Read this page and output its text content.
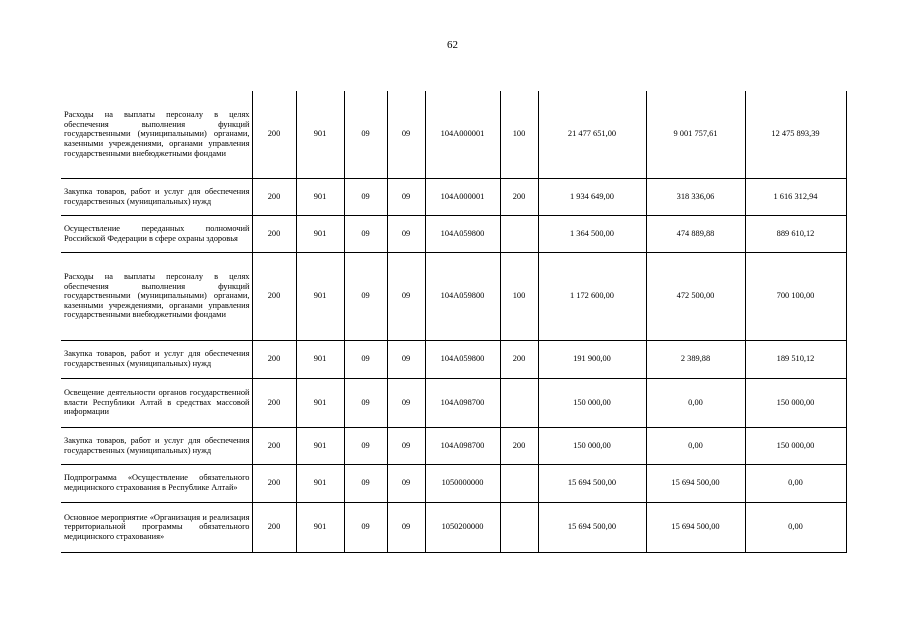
62
Расходы на выплаты персоналу в целях обеспечения выполнения функций государственными (муниципальными) органами, казенными учреждениями, органами управления государственными внебюджетными фондами	200	901	09	09	104A000001	100	21 477 651,00	9 001 757,61	12 475 893,39
Закупка товаров, работ и услуг для обеспечения государственных (муниципальных) нужд	200	901	09	09	104A000001	200	1 934 649,00	318 336,06	1 616 312,94
Осуществление переданных полномочий Российской Федерации в сфере охраны здоровья	200	901	09	09	104A059800		1 364 500,00	474 889,88	889 610,12
Расходы на выплаты персоналу в целях обеспечения выполнения функций государственными (муниципальными) органами, казенными учреждениями, органами управления государственными внебюджетными фондами	200	901	09	09	104A059800	100	1 172 600,00	472 500,00	700 100,00
Закупка товаров, работ и услуг для обеспечения государственных (муниципальных) нужд	200	901	09	09	104A059800	200	191 900,00	2 389,88	189 510,12
Освещение деятельности органов государственной власти Республики Алтай в средствах массовой информации	200	901	09	09	104A098700		150 000,00	0,00	150 000,00
Закупка товаров, работ и услуг для обеспечения государственных (муниципальных) нужд	200	901	09	09	104A098700	200	150 000,00	0,00	150 000,00
Подпрограмма «Осуществление обязательного медицинского страхования в Республике Алтай»	200	901	09	09	1050000000		15 694 500,00	15 694 500,00	0,00
Основное мероприятие «Организация и реализация территориальной программы обязательного медицинского страхования»	200	901	09	09	1050200000		15 694 500,00	15 694 500,00	0,00
